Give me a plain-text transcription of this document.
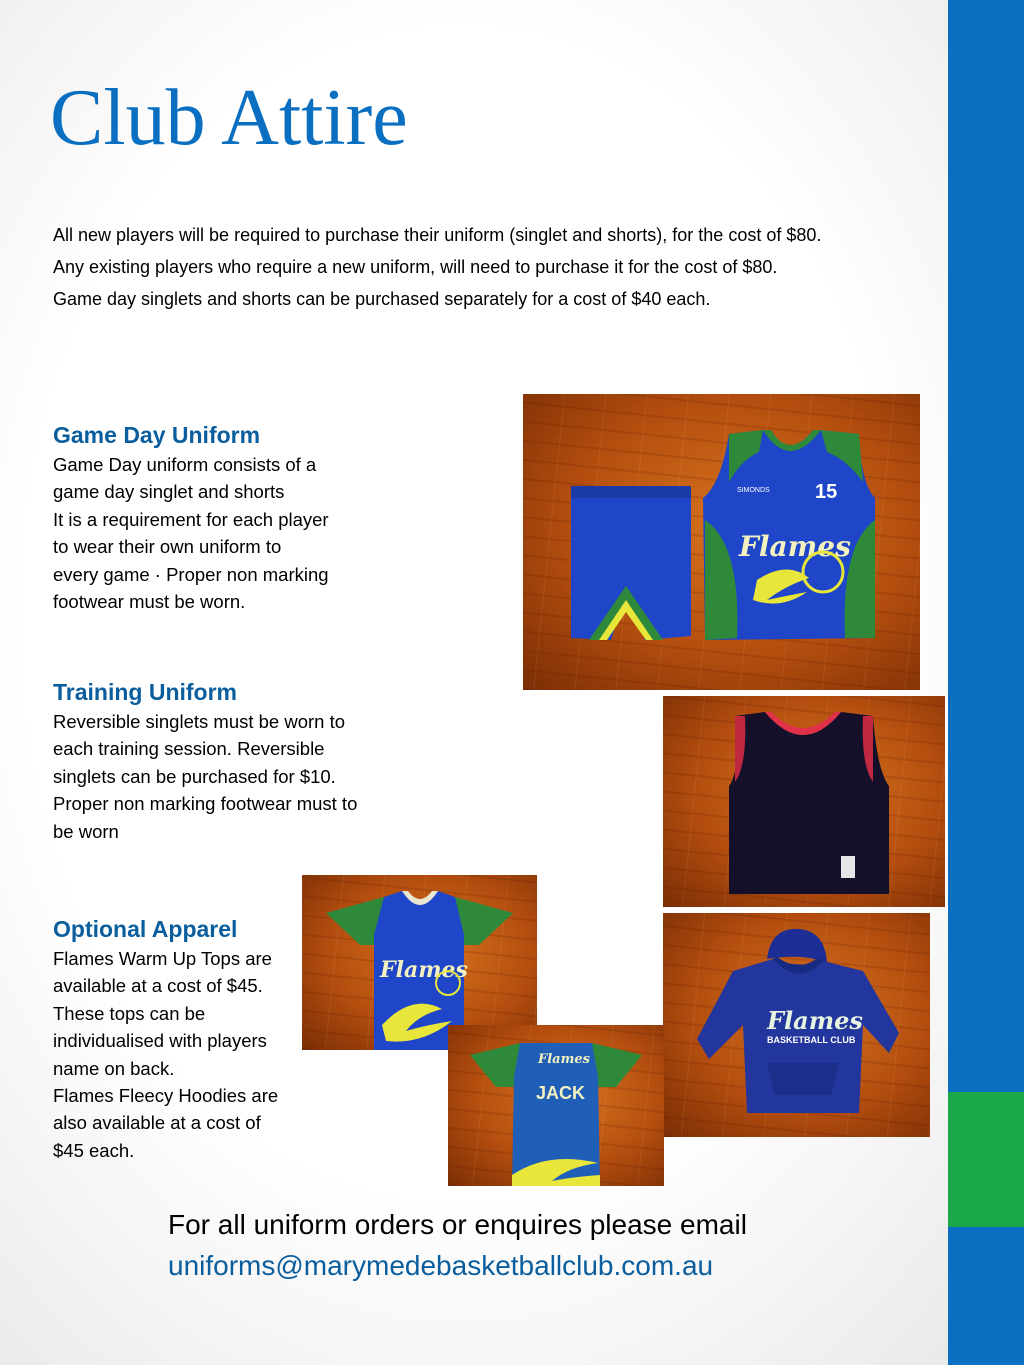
Club Attire

All new players will be required to purchase their uniform (singlet and shorts), for the cost of $80.

Any existing players who require a new uniform, will need to purchase it for the cost of $80.

Game day singlets and shorts can be purchased separately for a cost of $40 each.

Game Day Uniform

Game Day uniform consists of a

game day singlet and shorts

It is a requirement for each player

to wear their own uniform to

every game · Proper non marking

footwear must be worn.

Training Uniform

Reversible singlets must be worn to

each training session. Reversible

singlets can be purchased for $10.

Proper non marking footwear must to

be worn

Optional Apparel

Flames Warm Up Tops are

available at a cost of $45.

These tops can be

individualised with players

name on back.

Flames Fleecy Hoodies are

also available at a cost of

$45 each.

15
SIMONDS
Flames
Flames
Flames
BASKETBALL CLUB
Flames
JACK
For all uniform orders or enquires please email
uniforms@marymedebasketballclub.com.au
